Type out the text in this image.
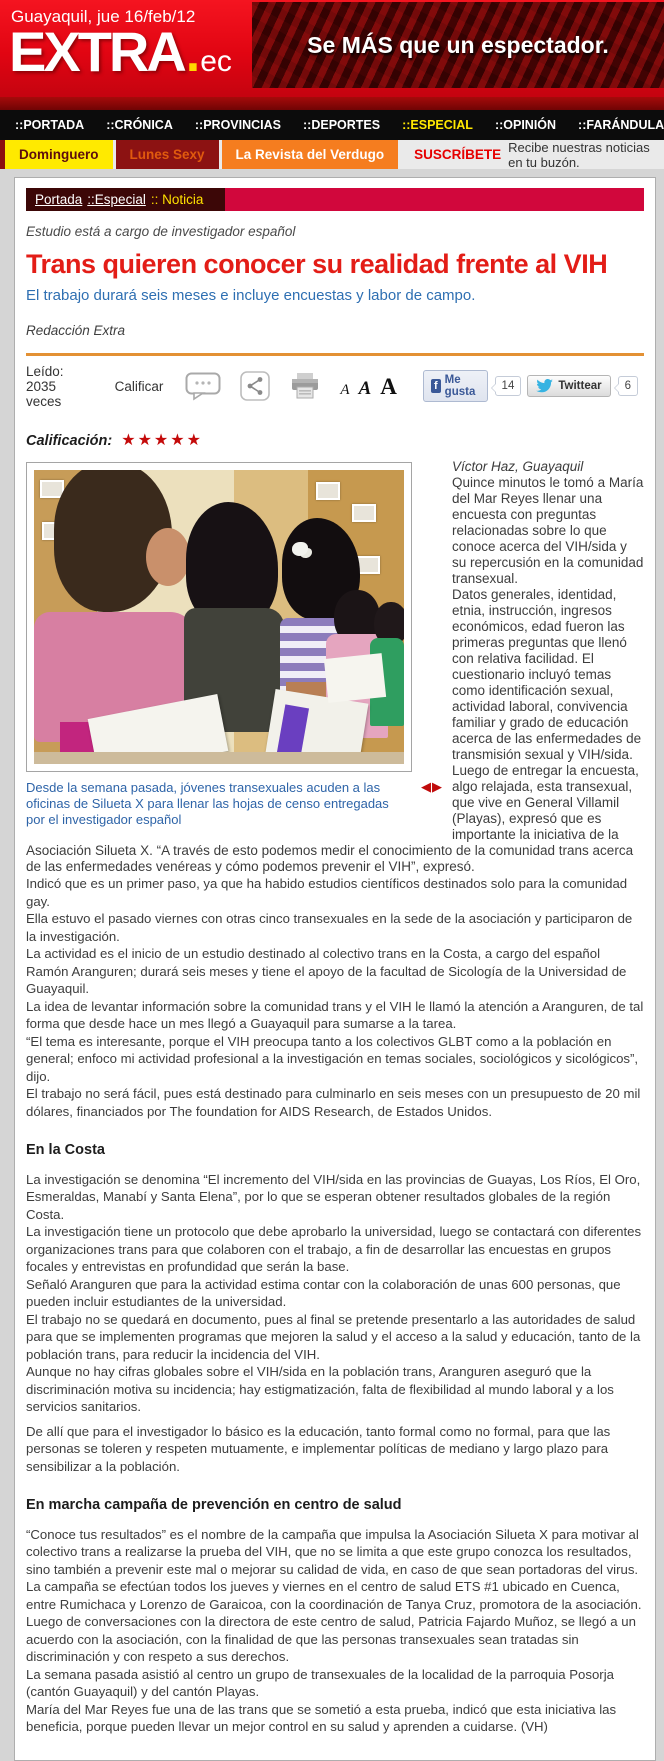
Guayaquil, jue 16/feb/12
EXTRA . ec
Se MÁS que un espectador.
::PORTADA	::CRÓNICA	::PROVINCIAS	::DEPORTES	::ESPECIAL	::OPINIÓN	::FARÁNDULA
Dominguero	Lunes Sexy	La Revista del Verdugo	SUSCRÍBETE Recibe nuestras noticias en tu buzón.
Portada ::Especial :: Noticia

Estudio está a cargo de investigador español

Trans quieren conocer su realidad frente al VIH

El trabajo durará seis meses e incluye encuestas y labor de campo.

Redacción Extra

Leído: 2035 veces
Calificar	A A A	f Me gusta	14	Twittear	6
Calificación: ★★★★★
Desde la semana pasada, jóvenes transexuales acuden a las oficinas de Silueta X para llenar las hojas de censo entregadas por el investigador español
◀▶

Víctor Haz, Guayaquil

Quince minutos le tomó a María del Mar Reyes llenar una encuesta con preguntas relacionadas sobre lo que conoce acerca del VIH/sida y su repercusión en la comunidad transexual.

Datos generales, identidad, etnia, instrucción, ingresos económicos, edad fueron las primeras preguntas que llenó con relativa facilidad. El cuestionario incluyó temas como identificación sexual, actividad laboral, convivencia familiar y grado de educación acerca de las enfermedades de transmisión sexual y VIH/sida.

Luego de entregar la encuesta, algo relajada, esta transexual, que vive en General Villamil (Playas), expresó que es importante la iniciativa de la Asociación Silueta X. “A través de esto podemos medir el conocimiento de la comunidad trans acerca de las enfermedades venéreas y cómo podemos prevenir el VIH”, expresó.

Indicó que es un primer paso, ya que ha habido estudios científicos destinados solo para la comunidad gay.

Ella estuvo el pasado viernes con otras cinco transexuales en la sede de la asociación y participaron de la investigación.

La actividad es el inicio de un estudio destinado al colectivo trans en la Costa, a cargo del español Ramón Aranguren; durará seis meses y tiene el apoyo de la facultad de Sicología de la Universidad de Guayaquil.

La idea de levantar información sobre la comunidad trans y el VIH le llamó la atención a Aranguren, de tal forma que desde hace un mes llegó a Guayaquil para sumarse a la tarea.

“El tema es interesante, porque el VIH preocupa tanto a los colectivos GLBT como a la población en general; enfoco mi actividad profesional a la investigación en temas sociales, sociológicos y sicológicos”, dijo.

El trabajo no será fácil, pues está destinado para culminarlo en seis meses con un presupuesto de 20 mil dólares, financiados por The foundation for AIDS Research, de Estados Unidos.

En la Costa

La investigación se denomina “El incremento del VIH/sida en las provincias de Guayas, Los Ríos, El Oro, Esmeraldas, Manabí y Santa Elena”, por lo que se esperan obtener resultados globales de la región Costa.

La investigación tiene un protocolo que debe aprobarlo la universidad, luego se contactará con diferentes organizaciones trans para que colaboren con el trabajo, a fin de desarrollar las encuestas en grupos focales y entrevistas en profundidad que serán la base.

Señaló Aranguren que para la actividad estima contar con la colaboración de unas 600 personas, que pueden incluir estudiantes de la universidad.

El trabajo no se quedará en documento, pues al final se pretende presentarlo a las autoridades de salud para que se implementen programas que mejoren la salud y el acceso a la salud y educación, tanto de la población trans, para reducir la incidencia del VIH.

Aunque no hay cifras globales sobre el VIH/sida en la población trans, Aranguren aseguró que la discriminación motiva su incidencia; hay estigmatización, falta de flexibilidad al mundo laboral y a los servicios sanitarios.

De allí que para el investigador lo básico es la educación, tanto formal como no formal, para que las personas se toleren y respeten mutuamente, e implementar políticas de mediano y largo plazo para sensibilizar a la población.

En marcha campaña de prevención en centro de salud

“Conoce tus resultados” es el nombre de la campaña que impulsa la Asociación Silueta X para motivar al colectivo trans a realizarse la prueba del VIH, que no se limita a que este grupo conozca los resultados, sino también a prevenir este mal o mejorar su calidad de vida, en caso de que sean portadoras del virus.

La campaña se efectúan todos los jueves y viernes en el centro de salud ETS #1 ubicado en Cuenca, entre Rumichaca y Lorenzo de Garaicoa, con la coordinación de Tanya Cruz, promotora de la asociación.

Luego de conversaciones con la directora de este centro de salud, Patricia Fajardo Muñoz, se llegó a un acuerdo con la asociación, con la finalidad de que las personas transexuales sean tratadas sin discriminación y con respeto a sus derechos.

La semana pasada asistió al centro un grupo de transexuales de la localidad de la parroquia Posorja (cantón Guayaquil) y del cantón Playas.

María del Mar Reyes fue una de las trans que se sometió a esta prueba, indicó que esta iniciativa las beneficia, porque pueden llevar un mejor control en su salud y aprenden a cuidarse. (VH)
